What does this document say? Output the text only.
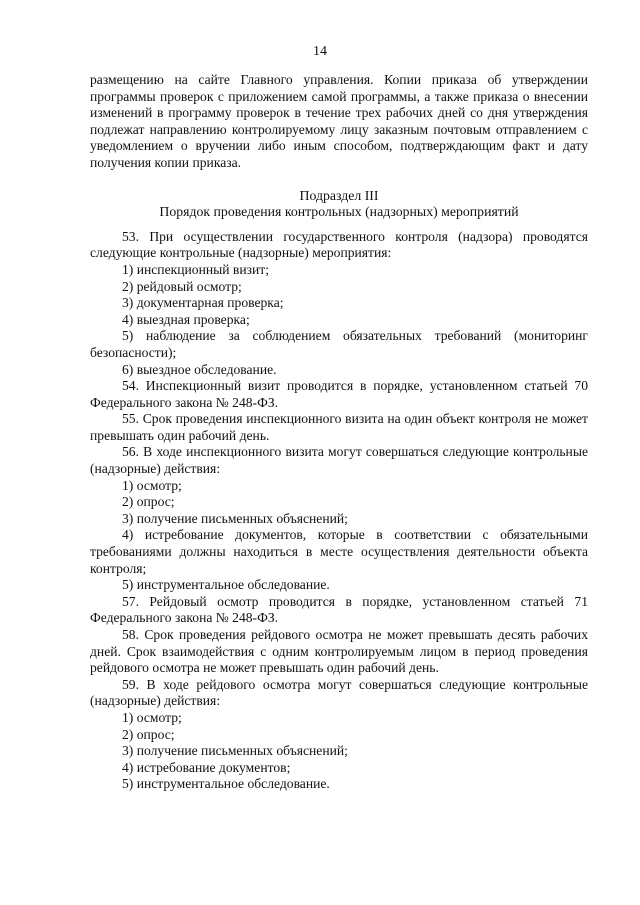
14

размещению на сайте Главного управления. Копии приказа об утверждении программы проверок с приложением самой программы, а также приказа о внесении изменений в программу проверок в течение трех рабочих дней со дня утверждения подлежат направлению контролируемому лицу заказным почтовым отправлением с уведомлением о вручении либо иным способом, подтверждающим факт и дату получения копии приказа.

Подраздел III

Порядок проведения контрольных (надзорных) мероприятий

53. При осуществлении государственного контроля (надзора) проводятся следующие контрольные (надзорные) мероприятия:

1) инспекционный визит;

2) рейдовый осмотр;

3) документарная проверка;

4) выездная проверка;

5) наблюдение за соблюдением обязательных требований (мониторинг безопасности);

6) выездное обследование.

54. Инспекционный визит проводится в порядке, установленном статьей 70 Федерального закона № 248-ФЗ.

55. Срок проведения инспекционного визита на один объект контроля не может превышать один рабочий день.

56. В ходе инспекционного визита могут совершаться следующие контрольные (надзорные) действия:

1) осмотр;

2) опрос;

3) получение письменных объяснений;

4) истребование документов, которые в соответствии с обязательными требованиями должны находиться в месте осуществления деятельности объекта контроля;

5) инструментальное обследование.

57. Рейдовый осмотр проводится в порядке, установленном статьей 71 Федерального закона № 248-ФЗ.

58. Срок проведения рейдового осмотра не может превышать десять рабочих дней. Срок взаимодействия с одним контролируемым лицом в период проведения рейдового осмотра не может превышать один рабочий день.

59. В ходе рейдового осмотра могут совершаться следующие контрольные (надзорные) действия:

1) осмотр;

2) опрос;

3) получение письменных объяснений;

4) истребование документов;

5) инструментальное обследование.
